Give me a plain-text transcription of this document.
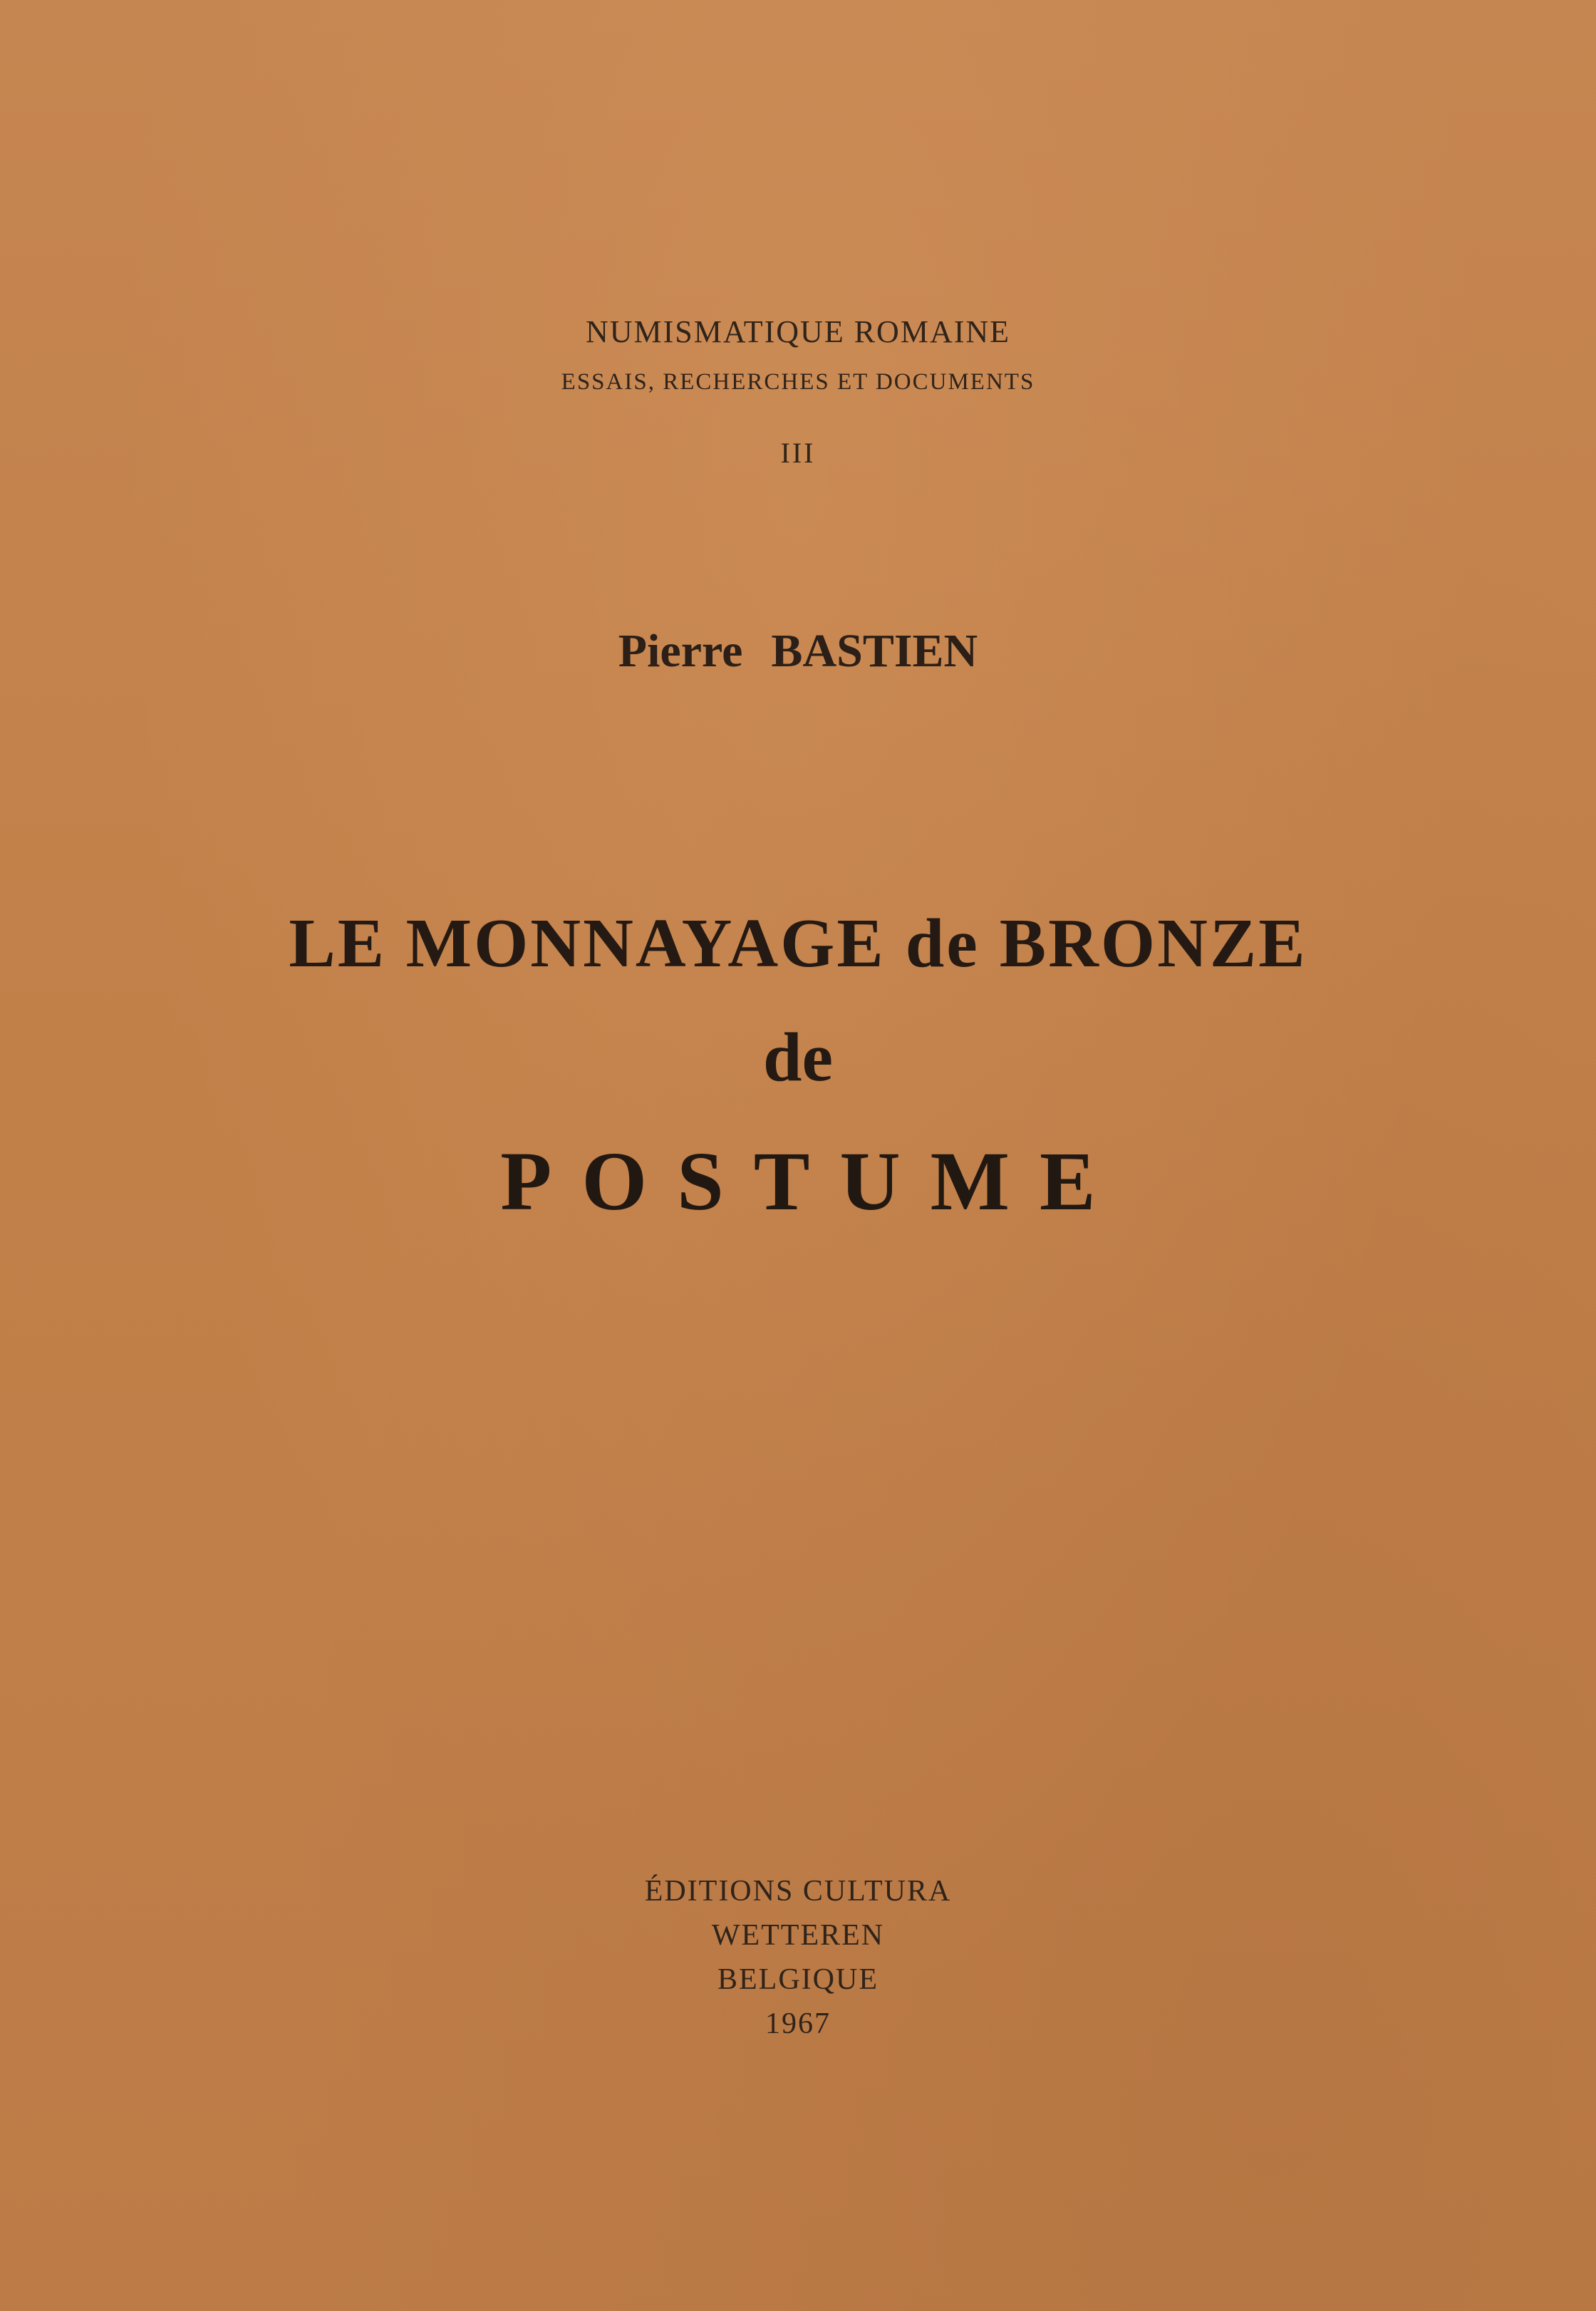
NUMISMATIQUE ROMAINE
ESSAIS, RECHERCHES ET DOCUMENTS
III
Pierre BASTIEN
LE MONNAYAGE de BRONZE
de
POSTUME
ÉDITIONS CULTURA
WETTEREN
BELGIQUE
1967
